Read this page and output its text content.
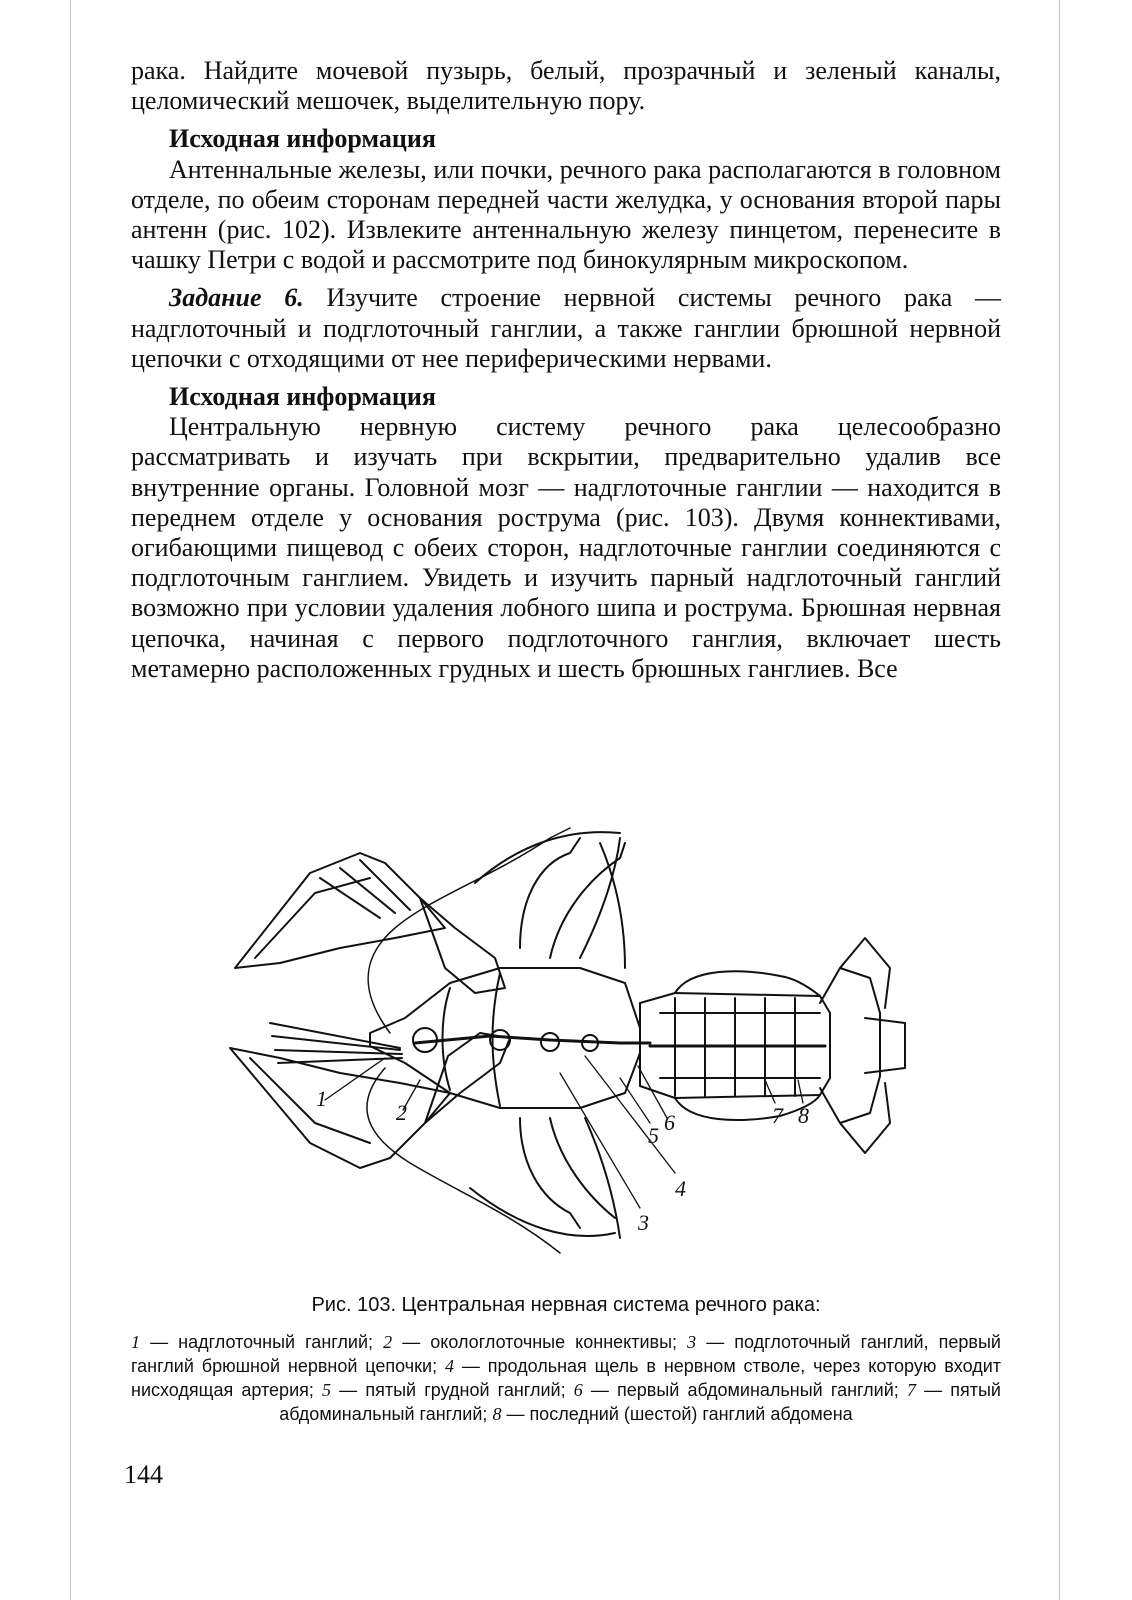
рака. Найдите мочевой пузырь, белый, прозрачный и зеленый каналы, целомический мешочек, выделительную пору.

Исходная информация

Антеннальные железы, или почки, речного рака располагаются в головном отделе, по обеим сторонам передней части желудка, у основания второй пары антенн (рис. 102). Извлеките антеннальную железу пинцетом, перенесите в чашку Петри с водой и рассмотрите под бинокулярным микроскопом.

Задание 6. Изучите строение нервной системы речного рака — надглоточный и подглоточный ганглии, а также ганглии брюшной нервной цепочки с отходящими от нее периферическими нервами.

Исходная информация

Центральную нервную систему речного рака целесообразно рассматривать и изучать при вскрытии, предварительно удалив все внутренние органы. Головной мозг — надглоточные ганглии — находится в переднем отделе у основания рострума (рис. 103). Двумя коннективами, огибающими пищевод с обеих сторон, надглоточные ганглии соединяются с подглоточным ганглием. Увидеть и изучить парный надглоточный ганглий возможно при условии удаления лобного шипа и рострума. Брюшная нервная цепочка, начиная с первого подглоточного ганглия, включает шесть метамерно расположенных грудных и шесть брюшных ганглиев. Все

1
2
3
4
5
6	7 8
Рис. 103. Центральная нервная система речного рака:
1 — надглоточный ганглий; 2 — окологлоточные коннективы; 3 — подглоточный ганглий, первый ганглий брюшной нервной цепочки; 4 — продольная щель в нервном стволе, через которую входит нисходящая артерия; 5 — пятый грудной ганглий; 6 — первый абдоминальный ганглий; 7 — пятый абдоминальный ганглий; 8 — последний (шестой) ганглий абдомена
144
